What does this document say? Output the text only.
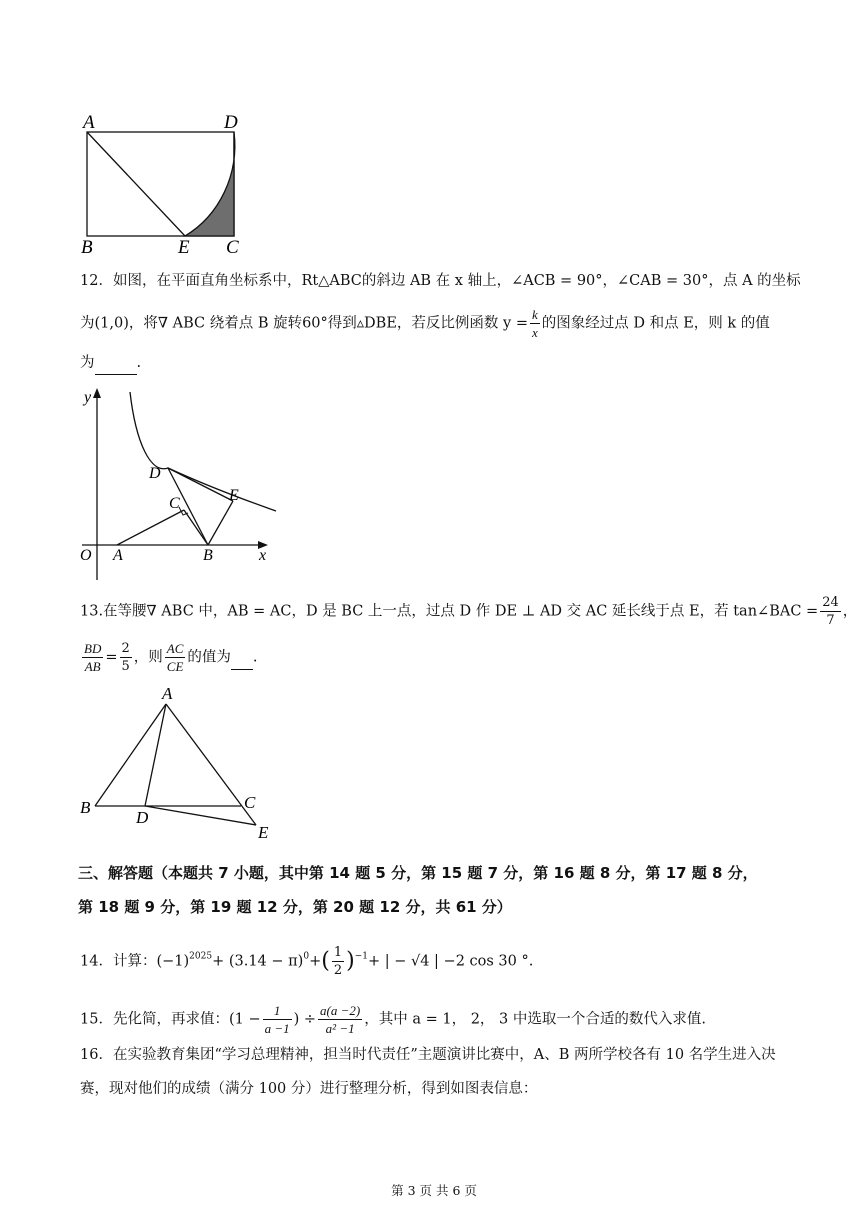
A	D
B	E C
12．如图，在平面直角坐标系中，Rt△ABC的斜边 AB 在 x 轴上，∠ACB = 90°，∠CAB = 30°，点 A 的坐标
为(1,0)，将∇ ABC 绕着点 B 旋转60°得到▵DBE，若反比例函数 $y = \frac{k}{x}$ 的图象经过点 D 和点 E，则 k 的值
为	.
y
x
O A	B
C
D
E
13.在等腰∇ ABC 中，AB = AC，D 是 BC 上一点，过点 D 作 DE ⊥ AD 交 AC 延长线于点 E，若 tan∠BAC = $\frac{24}{7}$ ，
$\frac{BD}{AB} = \frac{2}{5}$ ，则 $\frac{AC}{CE}$ 的值为 .
A
B	C
D
E
三、解答题（本题共 7 小题，其中第 14 题 5 分，第 15 题 7 分，第 16 题 8 分，第 17 题 8 分，
第 18 题 9 分，第 19 题 12 分，第 20 题 12 分，共 61 分）
14．计算：$(-1)^{2025}+ (3.14 - \pi)^0+( \frac{1}{2} )^{-1}+$ | − √4 | −2 cos 30 °.
15．先化简，再求值：($1 - \frac{1}{a -1}$ ) ÷ $\frac{a(a -2)}{\text{a² −1}}$ ，其中 a = 1， 2， 3 中选取一个合适的数代入求值.
16．在实验教育集团“学习总理精神，担当时代责任”主题演讲比赛中，A、B 两所学校各有 10 名学生进入决
赛，现对他们的成绩（满分 100 分）进行整理分析，得到如图表信息：
第 3 页 共 6 页
